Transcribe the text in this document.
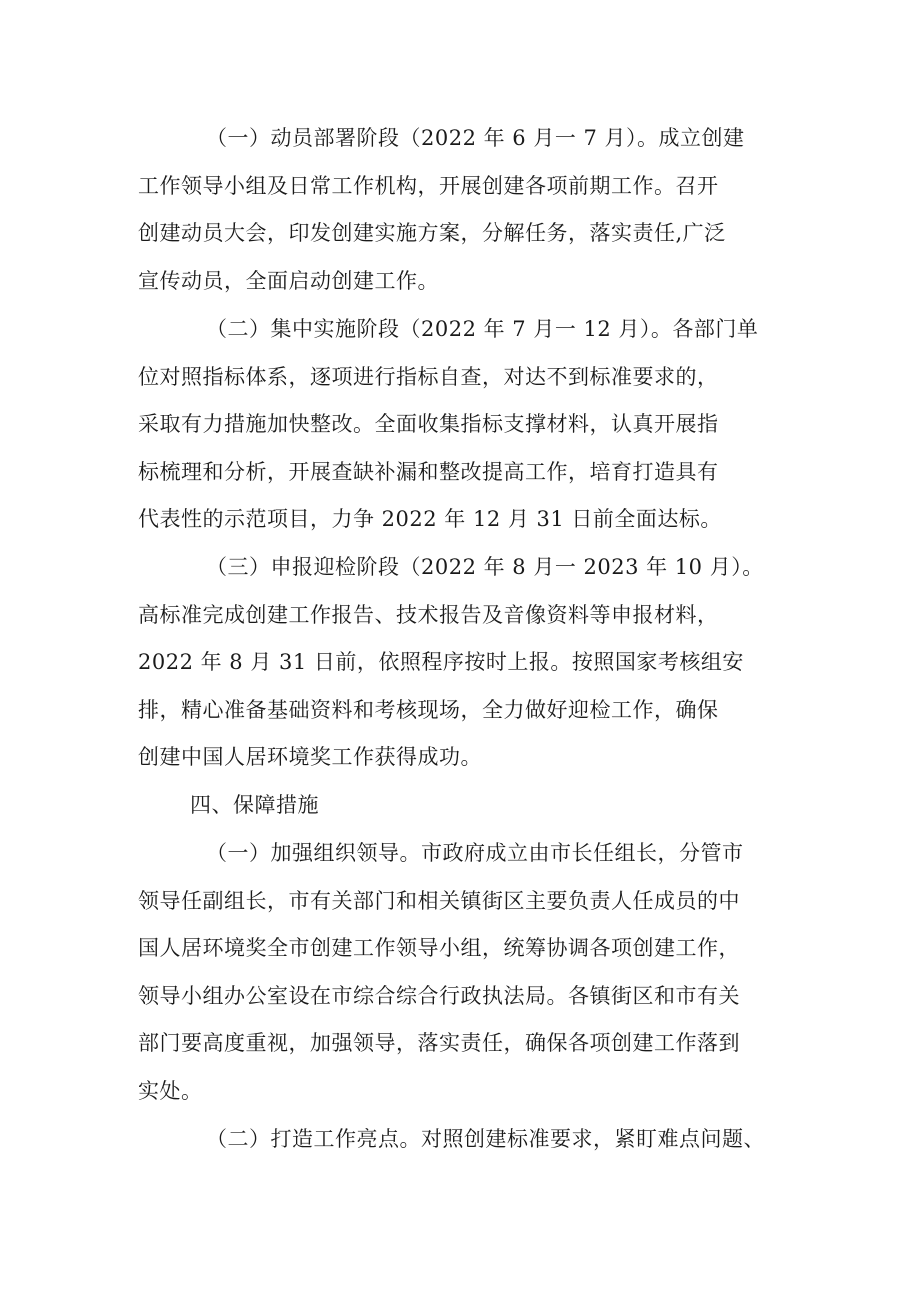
（一）动员部署阶段（2022 年 6 月一 7 月）。成立创建
工作领导小组及日常工作机构，开展创建各项前期工作。召开
创建动员大会，印发创建实施方案，分解任务，落实责任,广泛
宣传动员，全面启动创建工作。
（二）集中实施阶段（2022 年 7 月一 12 月）。各部门单
位对照指标体系，逐项进行指标自查，对达不到标准要求的，
采取有力措施加快整改。全面收集指标支撑材料，认真开展指
标梳理和分析，开展查缺补漏和整改提高工作，培育打造具有
代表性的示范项目，力争 2022 年 12 月 31 日前全面达标。
（三）申报迎检阶段（2022 年 8 月一 2023 年 10 月）。
高标准完成创建工作报告、技术报告及音像资料等申报材料，
2022 年 8 月 31 日前，依照程序按时上报。按照国家考核组安
排，精心准备基础资料和考核现场，全力做好迎检工作，确保
创建中国人居环境奖工作获得成功。
四、保障措施
（一）加强组织领导。市政府成立由市长任组长，分管市
领导任副组长，市有关部门和相关镇街区主要负责人任成员的中
国人居环境奖全市创建工作领导小组，统筹协调各项创建工作，
领导小组办公室设在市综合综合行政执法局。各镇街区和市有关
部门要高度重视，加强领导，落实责任，确保各项创建工作落到
实处。
（二）打造工作亮点。对照创建标准要求，紧盯难点问题、
